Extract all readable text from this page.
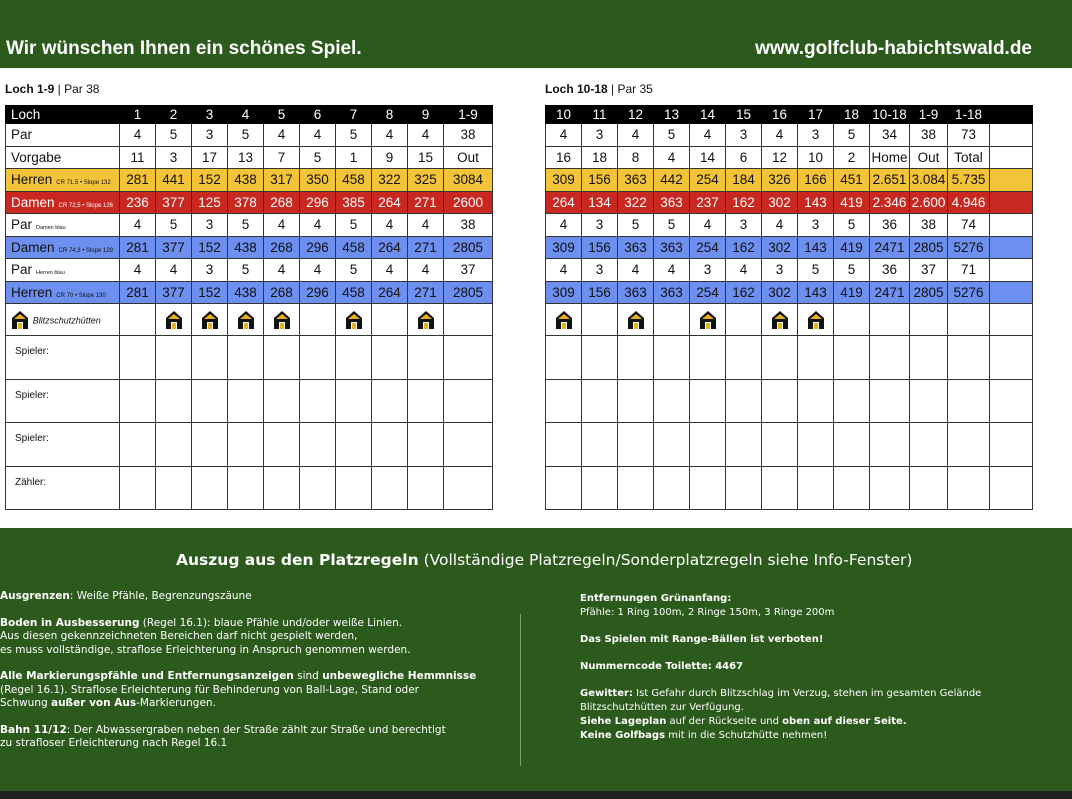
Wir wünschen Ihnen ein schönes Spiel.	www.golfclub-habichtswald.de
Loch 1-9 | Par 38	Loch 10-18 | Par 35
Loch	1	2	3	4	5	6	7	8	9	1-9
Par	4	5	3	5	4	4	5	4	4	38
Vorgabe	11	3	17	13	7	5	1	9	15	Out
Herren CR 71,5 • Slope 132	281	441	152	438	317	350	458	322	325	3084
Damen CR 72,5 • Slope 126	236	377	125	378	268	296	385	264	271	2600
Par Damen blau	4	5	3	5	4	4	5	4	4	38
Damen CR 74,3 • Slope 129	281	377	152	438	268	296	458	264	271	2805
Par Herren blau	4	4	3	5	4	4	5	4	4	37
Herren CR 70 • Slope 130	281	377	152	438	268	296	458	264	271	2805
Blitzschutzhütten										
Spieler:										
Spieler:										
Spieler:										
Zähler:										
10	11	12	13	14	15	16	17	18	10-18	1-9	1-18	
4	3	4	5	4	3	4	3	5	34	38	73	
16	18	8	4	14	6	12	10	2	Home	Out	Total	
309	156	363	442	254	184	326	166	451	2.651	3.084	5.735	
264	134	322	363	237	162	302	143	419	2.346	2.600	4.946	
4	3	5	5	4	3	4	3	5	36	38	74	
309	156	363	363	254	162	302	143	419	2471	2805	5276	
4	3	4	4	3	4	3	5	5	36	37	71	
309	156	363	363	254	162	302	143	419	2471	2805	5276	

Auszug aus den Platzregeln (Vollständige Platzregeln/Sonderplatzregeln siehe Info-Fenster)

Ausgrenzen: Weiße Pfähle, Begrenzungszäune

Boden in Ausbesserung (Regel 16.1): blaue Pfähle und/oder weiße Linien.
Aus diesen gekennzeichneten Bereichen darf nicht gespielt werden,
es muss vollständige, straflose Erleichterung in Anspruch genommen werden.

Alle Markierungspfähle und Entfernungsanzeigen sind unbewegliche Hemmnisse
(Regel 16.1). Straflose Erleichterung für Behinderung von Ball-Lage, Stand oder
Schwung außer von Aus-Markierungen.

Bahn 11/12: Der Abwassergraben neben der Straße zählt zur Straße und berechtigt
zu strafloser Erleichterung nach Regel 16.1

Entfernungen Grünanfang:
Pfähle: 1 Ring 100m, 2 Ringe 150m, 3 Ringe 200m

Das Spielen mit Range-Bällen ist verboten!

Nummerncode Toilette: 4467

Gewitter: Ist Gefahr durch Blitzschlag im Verzug, stehen im gesamten Gelände
Blitzschutzhütten zur Verfügung.
Siehe Lageplan auf der Rückseite und oben auf dieser Seite.
Keine Golfbags mit in die Schutzhütte nehmen!
